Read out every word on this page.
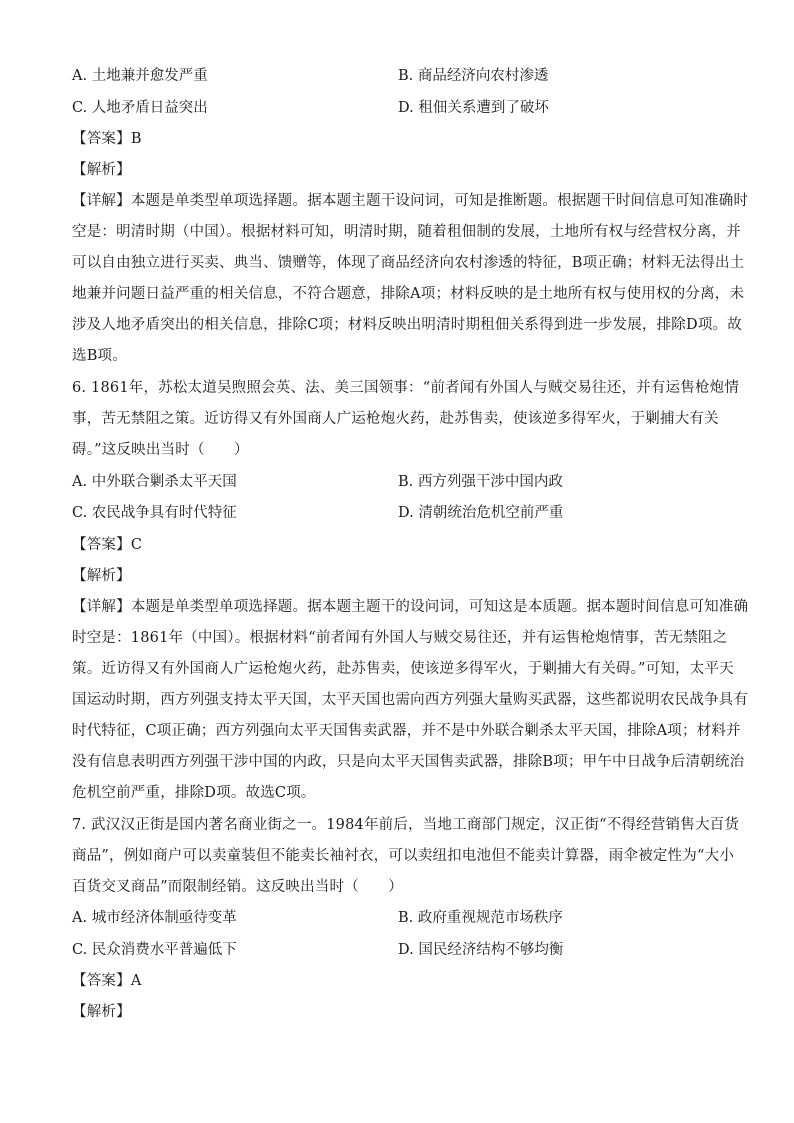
A. 土地兼并愈发严重	B. 商品经济向农村渗透
C. 人地矛盾日益突出	D. 租佃关系遭到了破坏
【答案】B
【解析】
【详解】本题是单类型单项选择题。据本题主题干设问词，可知是推断题。根据题干时间信息可知准确时
空是：明清时期（中国）。根据材料可知，明清时期，随着租佃制的发展，土地所有权与经营权分离，并
可以自由独立进行买卖、典当、馈赠等，体现了商品经济向农村渗透的特征，B项正确；材料无法得出土
地兼并问题日益严重的相关信息，不符合题意，排除A项；材料反映的是土地所有权与使用权的分离，未
涉及人地矛盾突出的相关信息，排除C项；材料反映出明清时期租佃关系得到进一步发展，排除D项。故
选B项。
6. 1861年，苏松太道吴煦照会英、法、美三国领事：“前者闻有外国人与贼交易往还，并有运售枪炮情
事，苦无禁阻之策。近访得又有外国商人广运枪炮火药，赴苏售卖，使该逆多得军火，于剿捕大有关
碍。”这反映出当时（　　）
A. 中外联合剿杀太平天国	B. 西方列强干涉中国内政
C. 农民战争具有时代特征	D. 清朝统治危机空前严重
【答案】C
【解析】
【详解】本题是单类型单项选择题。据本题主题干的设问词，可知这是本质题。据本题时间信息可知准确
时空是：1861年（中国）。根据材料“前者闻有外国人与贼交易往还，并有运售枪炮情事，苦无禁阻之
策。近访得又有外国商人广运枪炮火药，赴苏售卖，使该逆多得军火，于剿捕大有关碍。”可知，太平天
国运动时期，西方列强支持太平天国，太平天国也需向西方列强大量购买武器，这些都说明农民战争具有
时代特征，C项正确；西方列强向太平天国售卖武器，并不是中外联合剿杀太平天国，排除A项；材料并
没有信息表明西方列强干涉中国的内政，只是向太平天国售卖武器，排除B项；甲午中日战争后清朝统治
危机空前严重，排除D项。故选C项。
7. 武汉汉正街是国内著名商业街之一。1984年前后，当地工商部门规定，汉正街“不得经营销售大百货
商品”，例如商户可以卖童装但不能卖长袖衬衣，可以卖纽扣电池但不能卖计算器，雨伞被定性为“大小
百货交叉商品”而限制经销。这反映出当时（　　）
A. 城市经济体制亟待变革	B. 政府重视规范市场秩序
C. 民众消费水平普遍低下	D. 国民经济结构不够均衡
【答案】A
【解析】
